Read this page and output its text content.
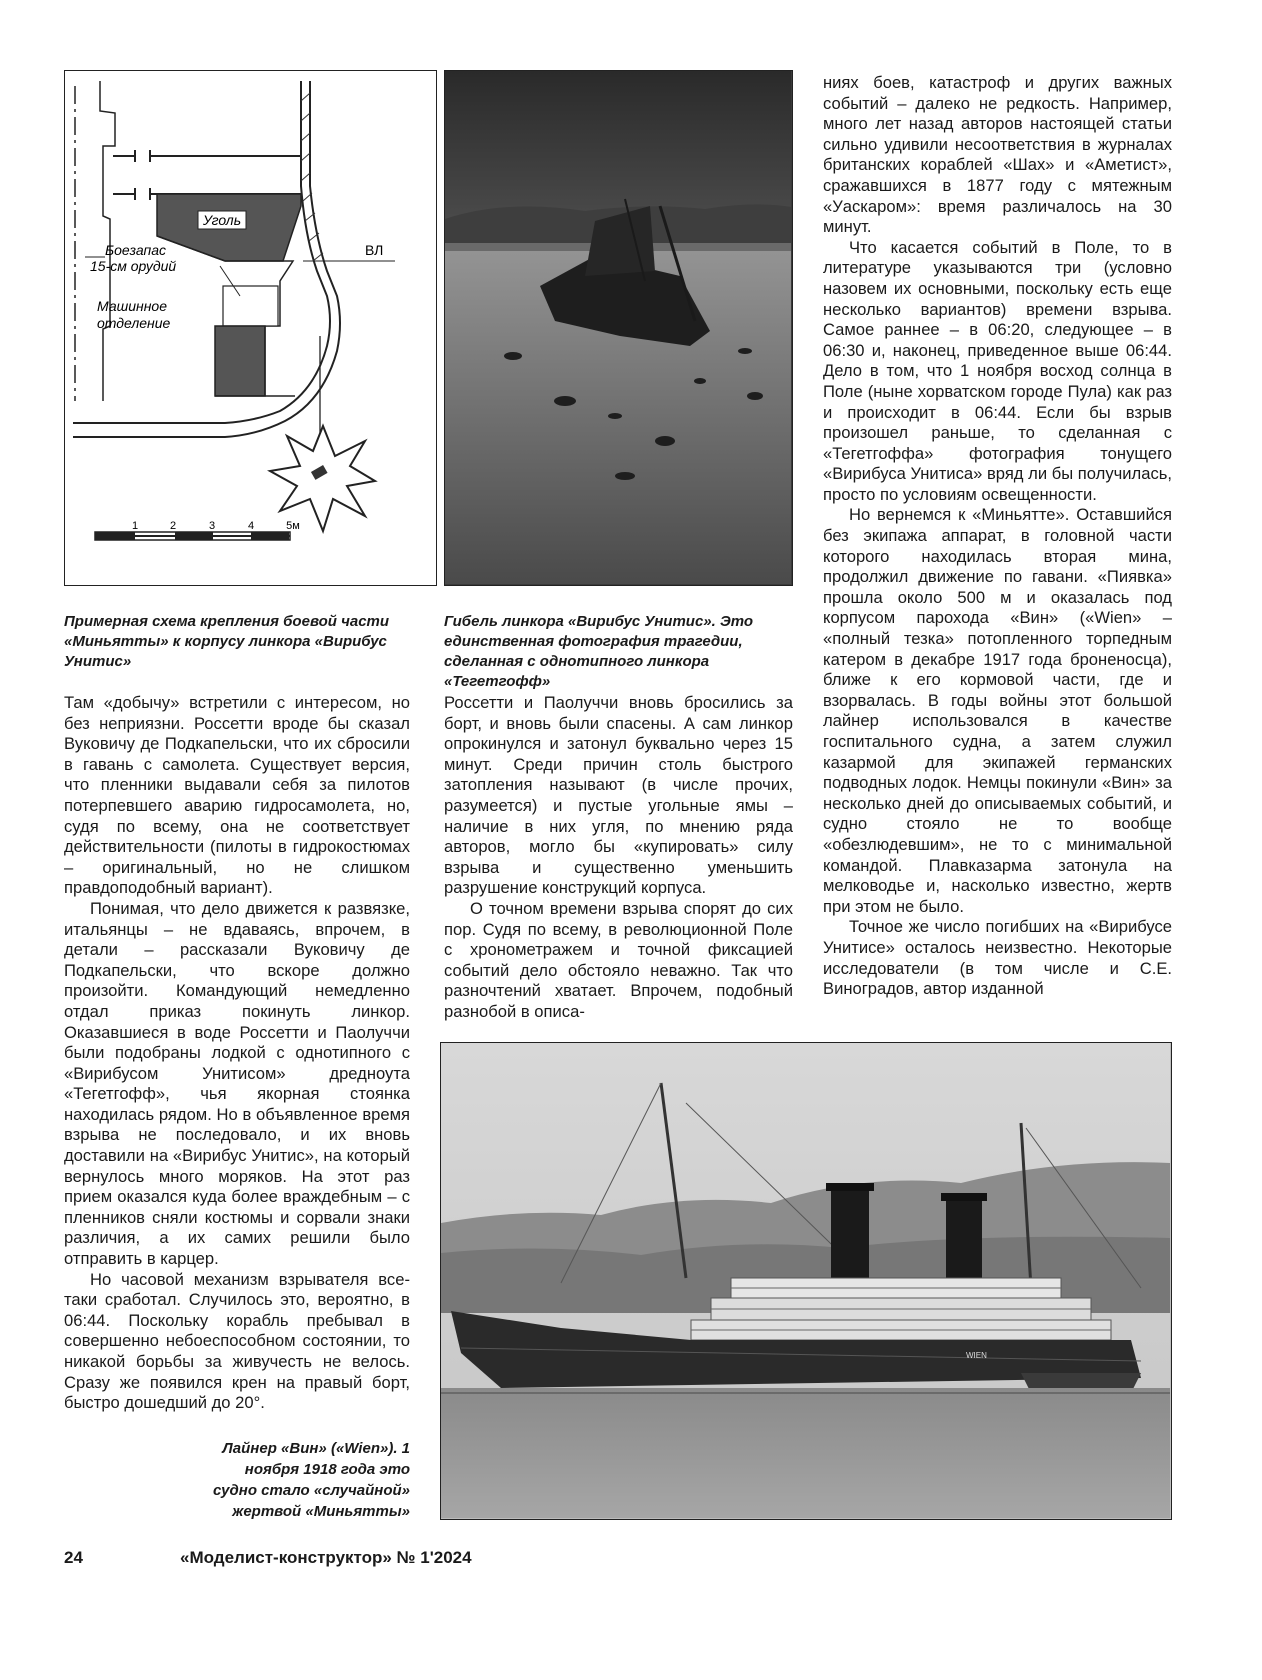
Уголь
Боезапас
15-см орудий
ВЛ
Машинное
отделение
1	2	3	4	5м
Примерная схема крепления боевой части «Миньятты» к корпусу линкора «Вирибус Унитис»
Гибель линкора «Вирибус Унитис». Это единственная фотография трагедии, сделанная с однотипного линкора «Тегетгофф»

Там «добычу» встретили с интересом, но без неприязни. Россетти вроде бы сказал Вуковичу де Подкапельски, что их сбросили в гавань с самолета. Существует версия, что пленники выдавали себя за пилотов потерпевшего аварию гидросамолета, но, судя по всему, она не соответствует действительности (пилоты в гидрокостюмах – оригинальный, но не слишком правдоподобный вариант).

Понимая, что дело движется к развязке, итальянцы – не вдаваясь, впрочем, в детали – рассказали Вуковичу де Подкапельски, что вскоре должно произойти. Командующий немедленно отдал приказ покинуть линкор. Оказавшиеся в воде Россетти и Паолуччи были подобраны лодкой с однотипного с «Вирибусом Унитисом» дредноута «Тегетгофф», чья якорная стоянка находилась рядом. Но в объявленное время взрыва не последовало, и их вновь доставили на «Вирибус Унитис», на который вернулось много моряков. На этот раз прием оказался куда более враждебным – с пленников сняли костюмы и сорвали знаки различия, а их самих решили было отправить в карцер.

Но часовой механизм взрывателя всетаки сработал. Случилось это, вероятно, в 06:44. Поскольку корабль пребывал в совершенно небоеспособном состоянии, то никакой борьбы за живучесть не велось. Сразу же появился крен на правый борт, быстро дошедший до 20°.

Россетти и Паолуччи вновь бросились за борт, и вновь были спасены. А сам линкор опрокинулся и затонул буквально через 15 минут. Среди причин столь быстрого затопления называют (в числе прочих, разумеется) и пустые угольные ямы – наличие в них угля, по мнению ряда авторов, могло бы «купировать» силу взрыва и существенно уменьшить разрушение конструкций корпуса.

О точном времени взрыва спорят до сих пор. Судя по всему, в революционной Поле с хронометражем и точной фиксацией событий дело обстояло неважно. Так что разночтений хватает. Впрочем, подобный разнобой в описа-

ниях боев, катастроф и других важных событий – далеко не редкость. Например, много лет назад авторов настоящей статьи сильно удивили несоответствия в журналах британских кораблей «Шах» и «Аметист», сражавшихся в 1877 году с мятежным «Уаскаром»: время различалось на 30 минут.

Что касается событий в Поле, то в литературе указываются три (условно назовем их основными, поскольку есть еще несколько вариантов) времени взрыва. Самое раннее – в 06:20, следующее – в 06:30 и, наконец, приведенное выше 06:44. Дело в том, что 1 ноября восход солнца в Поле (ныне хорватском городе Пула) как раз и происходит в 06:44. Если бы взрыв произошел раньше, то сделанная с «Тегетгоффа» фотография тонущего «Вирибуса Унитиса» вряд ли бы получилась, просто по условиям освещенности.

Но вернемся к «Миньятте». Оставшийся без экипажа аппарат, в головной части которого находилась вторая мина, продолжил движение по гавани. «Пиявка» прошла около 500 м и оказалась под корпусом парохода «Вин» («Wien» – «полный тезка» потопленного торпедным катером в декабре 1917 года броненосца), ближе к его кормовой части, где и взорвалась. В годы войны этот большой лайнер использовался в качестве госпитального судна, а затем служил казармой для экипажей германских подводных лодок. Немцы покинули «Вин» за несколько дней до описываемых событий, и судно стояло не то вообще «обезлюдевшим», не то с минимальной командой. Плавказарма затонула на мелководье и, насколько известно, жертв при этом не было.

Точное же число погибших на «Вирибусе Унитисе» осталось неизвестно. Некоторые исследователи (в том числе и С.Е. Виноградов, автор изданной

WIEN
Лайнер «Вин» («Wien»). 1 ноября 1918 года это судно стало «случайной» жертвой «Миньятты»
24	«Моделист-конструктор» № 1'2024
